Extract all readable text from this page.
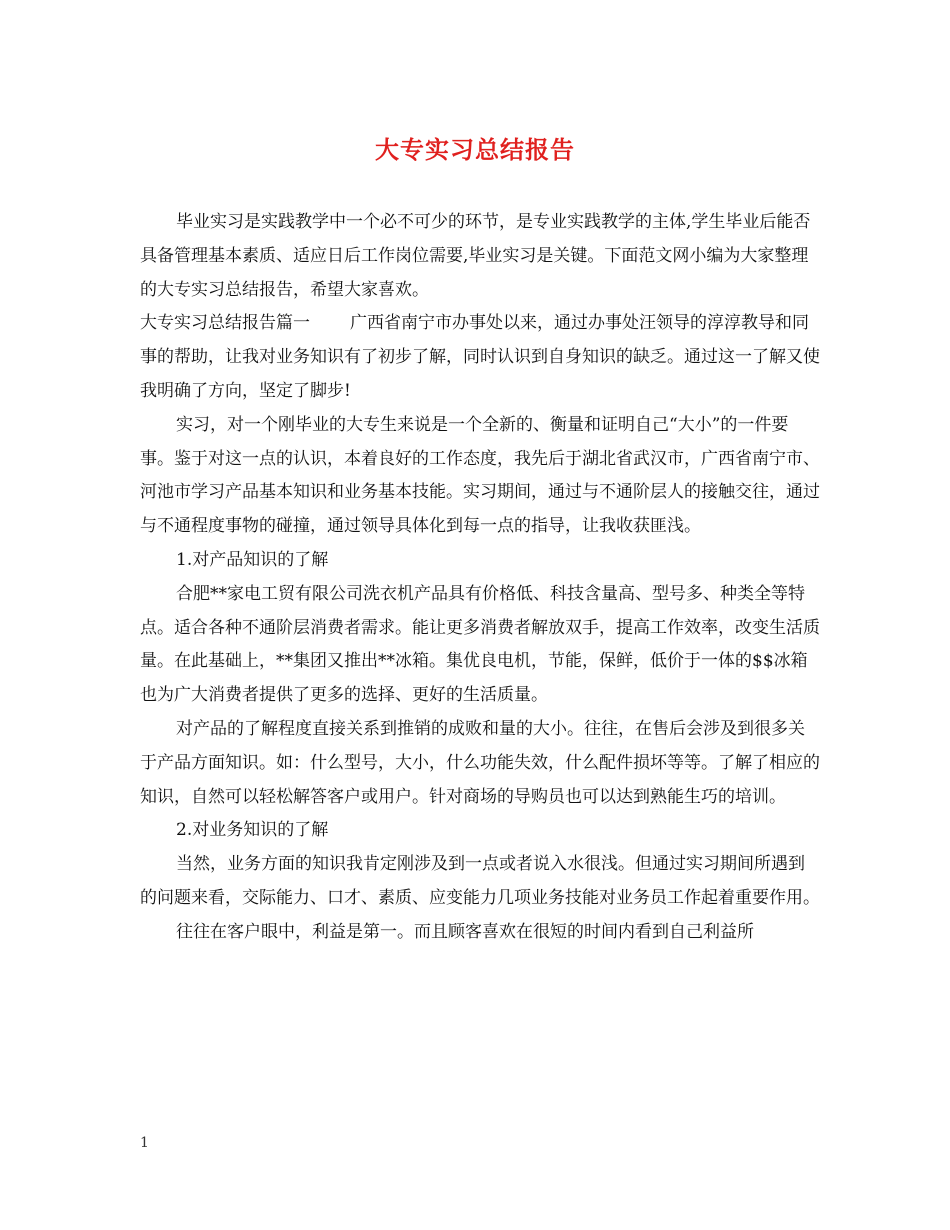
大专实习总结报告

毕业实习是实践教学中一个必不可少的环节，是专业实践教学的主体,学生毕业后能否具备管理基本素质、适应日后工作岗位需要,毕业实习是关键。下面范文网小编为大家整理的大专实习总结报告，希望大家喜欢。

大专实习总结报告篇一 广西省南宁市办事处以来，通过办事处汪领导的淳淳教导和同事的帮助，让我对业务知识有了初步了解，同时认识到自身知识的缺乏。通过这一了解又使我明确了方向，坚定了脚步!

实习，对一个刚毕业的大专生来说是一个全新的、衡量和证明自己“大小”的一件要事。鉴于对这一点的认识，本着良好的工作态度，我先后于湖北省武汉市，广西省南宁市、河池市学习产品基本知识和业务基本技能。实习期间，通过与不通阶层人的接触交往，通过与不通程度事物的碰撞，通过领导具体化到每一点的指导，让我收获匪浅。

1.对产品知识的了解

合肥**家电工贸有限公司洗衣机产品具有价格低、科技含量高、型号多、种类全等特点。适合各种不通阶层消费者需求。能让更多消费者解放双手，提高工作效率，改变生活质量。在此基础上，**集团又推出**冰箱。集优良电机，节能，保鲜，低价于一体的$$冰箱也为广大消费者提供了更多的选择、更好的生活质量。

对产品的了解程度直接关系到推销的成败和量的大小。往往，在售后会涉及到很多关于产品方面知识。如：什么型号，大小，什么功能失效，什么配件损坏等等。了解了相应的知识，自然可以轻松解答客户或用户。针对商场的导购员也可以达到熟能生巧的培训。

2.对业务知识的了解

当然，业务方面的知识我肯定刚涉及到一点或者说入水很浅。但通过实习期间所遇到的问题来看，交际能力、口才、素质、应变能力几项业务技能对业务员工作起着重要作用。

往往在客户眼中，利益是第一。而且顾客喜欢在很短的时间内看到自己利益所

1
